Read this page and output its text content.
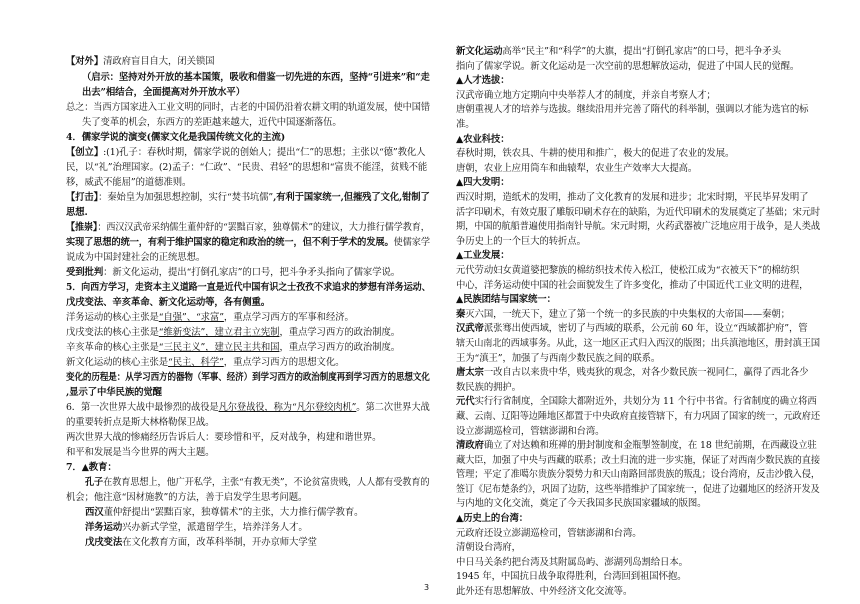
【对外】清政府盲目自大，闭关锁国
（启示：坚持对外开放的基本国策，吸收和借鉴一切先进的东西，坚持“引进来”和“走
出去”相结合，全面提高对外开放水平）
总之：当西方国家进入工业文明的同时，古老的中国仍沿着农耕文明的轨道发展，使中国错
失了变革的机会，东西方的差距越来越大，近代中国逐渐落伍。
4．儒家学说的演变(儒家文化是我国传统文化的主流)
【创立】:(1)孔子：春秋时期，儒家学说的创始人；提出“仁”的思想；主张以“德”教化人
民，以“礼”治理国家。(2)孟子：“仁政”、“民贵、君轻”的思想和“富贵不能淫，贫贱不能
移，威武不能屈”的道德准则。
【打击】：秦始皇为加强思想控制，实行“焚书坑儒”,有利于国家统一,但摧残了文化,钳制了
思想.
【推崇】：西汉汉武帝采纳儒生董仲舒的“罢黜百家，独尊儒术”的建议，大力推行儒学教育，
实现了思想的统一，有利于维护国家的稳定和政治的统一，但不利于学术的发展。使儒家学
说成为中国封建社会的正统思想。
受到批判：新文化运动，提出“打倒孔家店”的口号，把斗争矛头指向了儒家学说。
5．向西方学习，走资本主义道路一直是近代中国有识之士孜孜不求追求的梦想有洋务运动、
戊戌变法、辛亥革命、新文化运动等，各有侧重。
洋务运动的核心主张是“自强”、“求富”，重点学习西方的军事和经济。
戊戌变法的核心主张是“维新变法”，建立君主立宪制，重点学习西方的政治制度。
辛亥革命的核心主张是“三民主义”，建立民主共和国，重点学习西方的政治制度。
新文化运动的核心主张是“民主、科学”，重点学习西方的思想文化。
变化的历程是：从学习西方的器物（军事、经济）到学习西方的政治制度再到学习西方的思想文化
,显示了中华民族的觉醒
6．第一次世界大战中最惨烈的战役是凡尔登战役，称为“凡尔登绞肉机”。第二次世界大战
的重要转折点是斯大林格勒保卫战。
两次世界大战的惨痛经历告诉后人：要珍惜和平，反对战争，构建和谐世界。
和平和发展是当今世界的两大主题。
7．▲教育：
孔子在教育思想上，他广开私学，主张“有教无类”，不论贫富贵贱，人人都有受教育的
机会；他注意“因材施教”的方法，善于启发学生思考问题。
西汉董仲舒提出“罢黜百家，独尊儒术”的主张，大力推行儒学教育。
洋务运动兴办新式学堂，派遣留学生，培养洋务人才。
戊戌变法在文化教育方面，改革科举制，开办京师大学堂
新文化运动高举“民主”和“科学”的大旗，提出“打倒孔家店”的口号，把斗争矛头
指向了儒家学说。新文化运动是一次空前的思想解放运动，促进了中国人民的觉醒。
▲人才选拔：
汉武帝确立地方定期向中央举荐人才的制度，并亲自考察人才；
唐朝重视人才的培养与选拔。继续沿用并完善了隋代的科举制，强调以才能为选官的标
准。
▲农业科技：
春秋时期，铁农具、牛耕的使用和推广，极大的促进了农业的发展。
唐朝，农业上应用筒车和曲辕犁，农业生产效率大大提高。
▲四大发明：
西汉时期，造纸术的发明，推动了文化教育的发展和进步；北宋时期，平民毕昇发明了
活字印刷术，有效克服了雕版印刷术存在的缺陷，为近代印刷术的发展奠定了基础；宋元时
期，中国的航船普遍使用指南针导航。宋元时期，火药武器被广泛地应用于战争，是人类战
争历史上的一个巨大的转折点。
▲工业发展：
元代劳动妇女黄道婆把黎族的棉纺织技术传入松江，使松江成为“衣被天下”的棉纺织
中心，洋务运动使中国的社会面貌发生了许多变化，推动了中国近代工业文明的进程，
▲民族团结与国家统一：
秦灭六国，一统天下，建立了第一个统一的多民族的中央集权的大帝国——秦朝；
汉武帝派张骞出使西域，密切了与西域的联系，公元前 60 年，设立“西域都护府”，管
辖天山南北的西域事务。从此，这一地区正式归入西汉的版图；出兵滇池地区，册封滇王国
王为“滇王”，加强了与西南少数民族之间的联系。
唐太宗一改自古以来贵中华，贱夷狄的观念，对各少数民族一视同仁，赢得了西北各少
数民族的拥护。
元代实行行省制度，全国除大都附近外，共划分为 11 个行中书省。行省制度的确立将西
藏、云南、辽阳等边陲地区都置于中央政府直接管辖下，有力巩固了国家的统一，元政府还
设立澎湖巡检司，管辖澎湖和台湾。
清政府确立了对达赖和班禅的册封制度和金瓶掣签制度，在 18 世纪前期，在西藏设立驻
藏大臣，加强了中央与西藏的联系；改土归流的进一步实施，保证了对西南少数民族的直接
管理；平定了准噶尔贵族分裂势力和天山南路回部贵族的叛乱；设台湾府，反击沙俄入侵，
签订《尼布楚条约》，巩固了边防，这些举措维护了国家统一，促进了边疆地区的经济开发及
与内地的文化交流，奠定了今天我国多民族国家疆域的版图。
▲历史上的台湾：
元政府还设立澎湖巡检司，管辖澎湖和台湾。
清朝设台湾府，
中日马关条约把台湾及其附属岛屿、澎湖列岛割给日本。
1945 年，中国抗日战争取得胜利，台湾回到祖国怀抱。
此外还有思想解放、中外经济文化交流等。
3
